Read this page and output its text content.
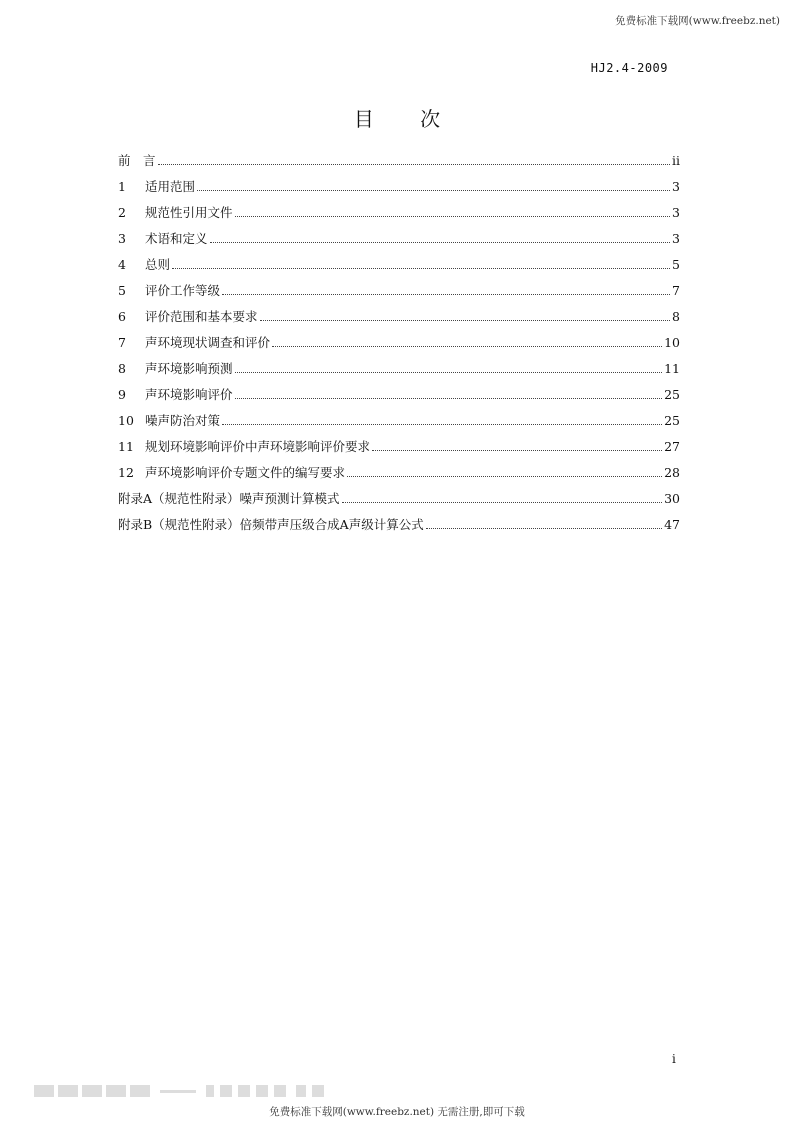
免费标准下载网(www.freebz.net)
HJ2.4-2009
目 次
前　言	ii
1	适用范围	3
2	规范性引用文件	3
3	术语和定义	3
4	总则	5
5	评价工作等级	7
6	评价范围和基本要求	8
7	声环境现状调查和评价	10
8	声环境影响预测	11
9	声环境影响评价	25
10 噪声防治对策	25
11 规划环境影响评价中声环境影响评价要求	27
12 声环境影响评价专题文件的编写要求	28
附录A（规范性附录）噪声预测计算模式	30
附录B（规范性附录）倍频带声压级合成A声级计算公式	47
i
免费标准下载网(www.freebz.net) 无需注册,即可下载
